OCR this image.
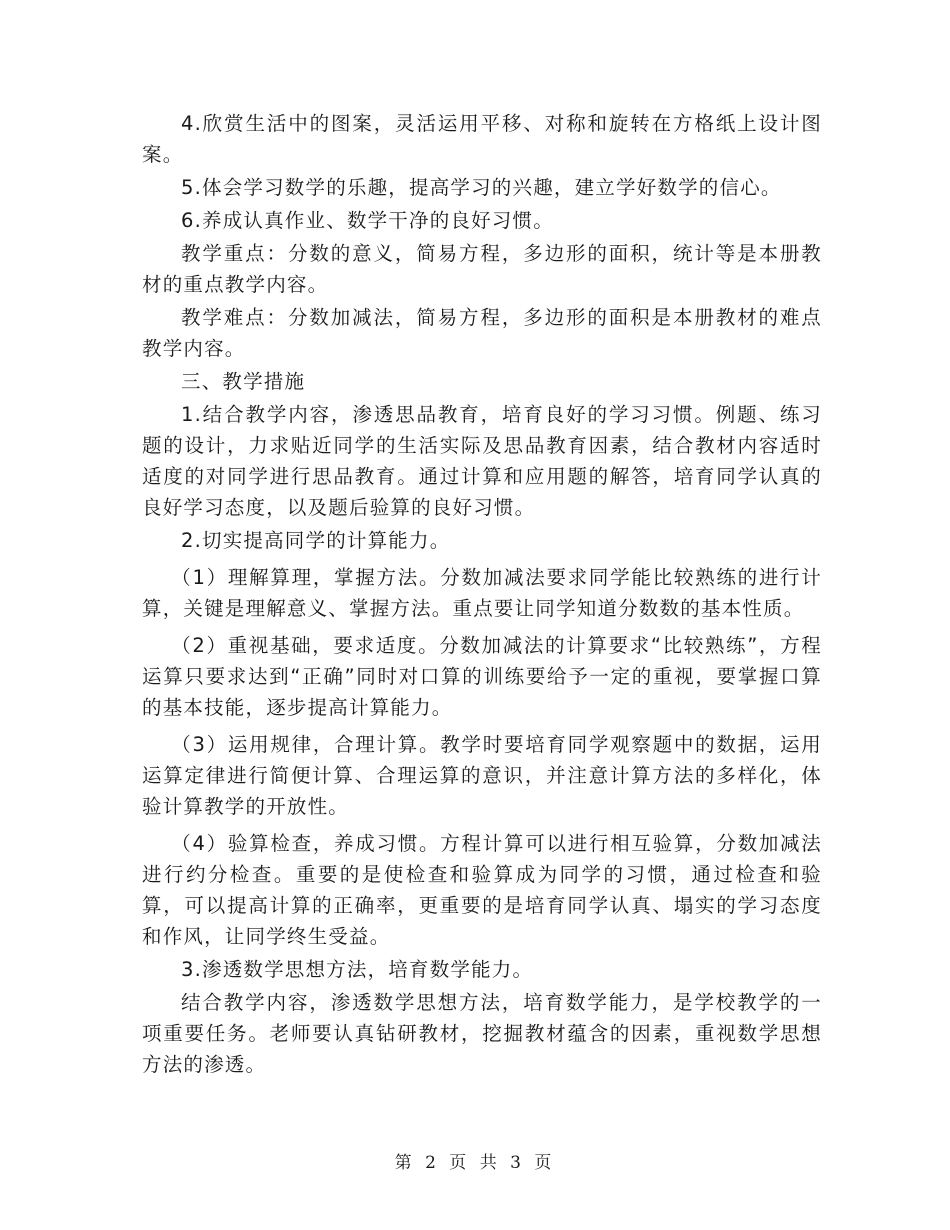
4.欣赏生活中的图案，灵活运用平移、对称和旋转在方格纸上设计图案。

5.体会学习数学的乐趣，提高学习的兴趣，建立学好数学的信心。

6.养成认真作业、数学干净的良好习惯。

教学重点：分数的意义，简易方程，多边形的面积，统计等是本册教材的重点教学内容。

教学难点：分数加减法，简易方程，多边形的面积是本册教材的难点教学内容。

三、教学措施

1.结合教学内容，渗透思品教育，培育良好的学习习惯。例题、练习题的设计，力求贴近同学的生活实际及思品教育因素，结合教材内容适时适度的对同学进行思品教育。通过计算和应用题的解答，培育同学认真的良好学习态度，以及题后验算的良好习惯。

2.切实提高同学的计算能力。

（1）理解算理，掌握方法。分数加减法要求同学能比较熟练的进行计算，关键是理解意义、掌握方法。重点要让同学知道分数数的基本性质。

（2）重视基础，要求适度。分数加减法的计算要求“比较熟练”，方程运算只要求达到“正确”同时对口算的训练要给予一定的重视，要掌握口算的基本技能，逐步提高计算能力。

（3）运用规律，合理计算。教学时要培育同学观察题中的数据，运用运算定律进行简便计算、合理运算的意识，并注意计算方法的多样化，体验计算教学的开放性。

（4）验算检查，养成习惯。方程计算可以进行相互验算，分数加减法进行约分检查。重要的是使检查和验算成为同学的习惯，通过检查和验算，可以提高计算的正确率，更重要的是培育同学认真、塌实的学习态度和作风，让同学终生受益。

3.渗透数学思想方法，培育数学能力。

结合教学内容，渗透数学思想方法，培育数学能力，是学校教学的一项重要任务。老师要认真钻研教材，挖掘教材蕴含的因素，重视数学思想方法的渗透。

第 2 页 共 3 页
